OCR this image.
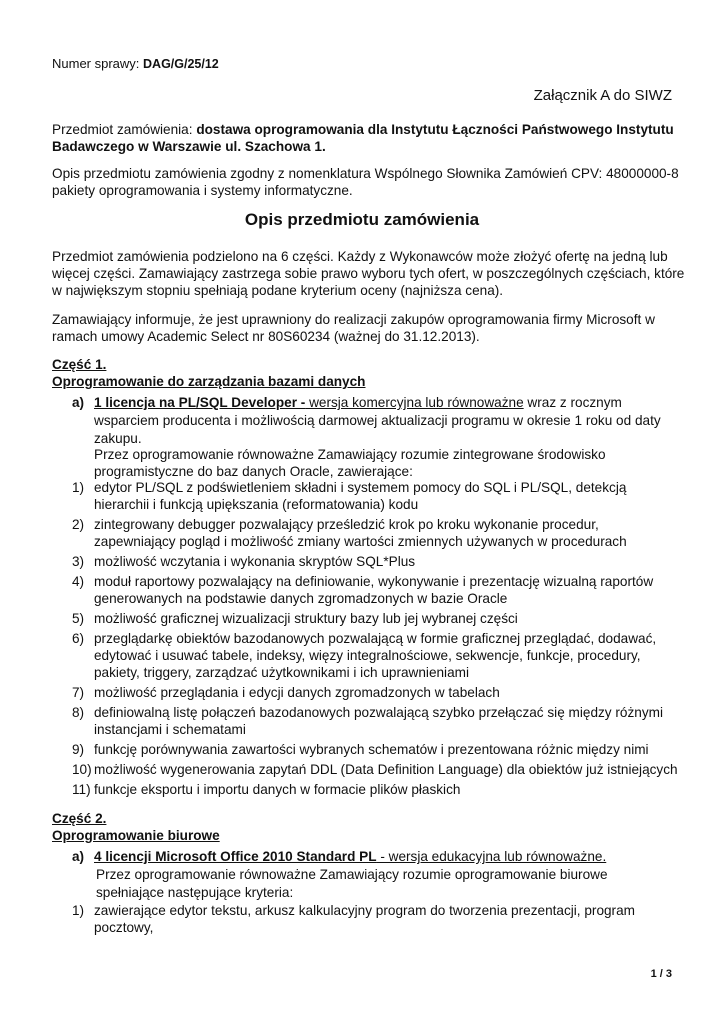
Numer sprawy: DAG/G/25/12
Załącznik A do SIWZ

Przedmiot zamówienia: dostawa oprogramowania dla Instytutu Łączności Państwowego Instytutu Badawczego w Warszawie ul. Szachowa 1.

Opis przedmiotu zamówienia zgodny z nomenklatura Wspólnego Słownika Zamówień CPV: 48000000-8 pakiety oprogramowania i systemy informatyczne.

Opis przedmiotu zamówienia

Przedmiot zamówienia podzielono na 6 części. Każdy z Wykonawców może złożyć ofertę na jedną lub więcej części. Zamawiający zastrzega sobie prawo wyboru tych ofert, w poszczególnych częściach, które w największym stopniu spełniają podane kryterium oceny (najniższa cena).

Zamawiający informuje, że jest uprawniony do realizacji zakupów oprogramowania firmy Microsoft w ramach umowy Academic Select nr 80S60234 (ważnej do 31.12.2013).

Część 1.
Oprogramowanie do zarządzania bazami danych
a) 1 licencja na PL/SQL Developer - wersja komercyjna lub równoważne wraz z rocznym wsparciem producenta i możliwością darmowej aktualizacji programu w okresie 1 roku od daty zakupu.

Przez oprogramowanie równoważne Zamawiający rozumie zintegrowane środowisko programistyczne do baz danych Oracle, zawierające:

1) edytor PL/SQL z podświetleniem składni i systemem pomocy do SQL i PL/SQL, detekcją hierarchii i funkcją upiększania (reformatowania) kodu
2) zintegrowany debugger pozwalający prześledzić krok po kroku wykonanie procedur, zapewniający pogląd i możliwość zmiany wartości zmiennych używanych w procedurach
3) możliwość wczytania i wykonania skryptów SQL*Plus
4) moduł raportowy pozwalający na definiowanie, wykonywanie i prezentację wizualną raportów generowanych na podstawie danych zgromadzonych w bazie Oracle
5) możliwość graficznej wizualizacji struktury bazy lub jej wybranej części
6) przeglądarkę obiektów bazodanowych pozwalającą w formie graficznej przeglądać, dodawać, edytować i usuwać tabele, indeksy, więzy integralnościowe, sekwencje, funkcje, procedury, pakiety, triggery, zarządzać użytkownikami i ich uprawnieniami
7) możliwość przeglądania i edycji danych zgromadzonych w tabelach
8) definiowalną listę połączeń bazodanowych pozwalającą szybko przełączać się między różnymi instancjami i schematami
9) funkcję porównywania zawartości wybranych schematów i prezentowana różnic między nimi
10) możliwość wygenerowania zapytań DDL (Data Definition Language) dla obiektów już istniejących
11) funkcje eksportu i importu danych w formacie plików płaskich
Część 2.
Oprogramowanie biurowe
a) 4 licencji Microsoft Office 2010 Standard PL - wersja edukacyjna lub równoważne.

Przez oprogramowanie równoważne Zamawiający rozumie oprogramowanie biurowe spełniające następujące kryteria:

1) zawierające edytor tekstu, arkusz kalkulacyjny program do tworzenia prezentacji, program pocztowy,
1 / 3
